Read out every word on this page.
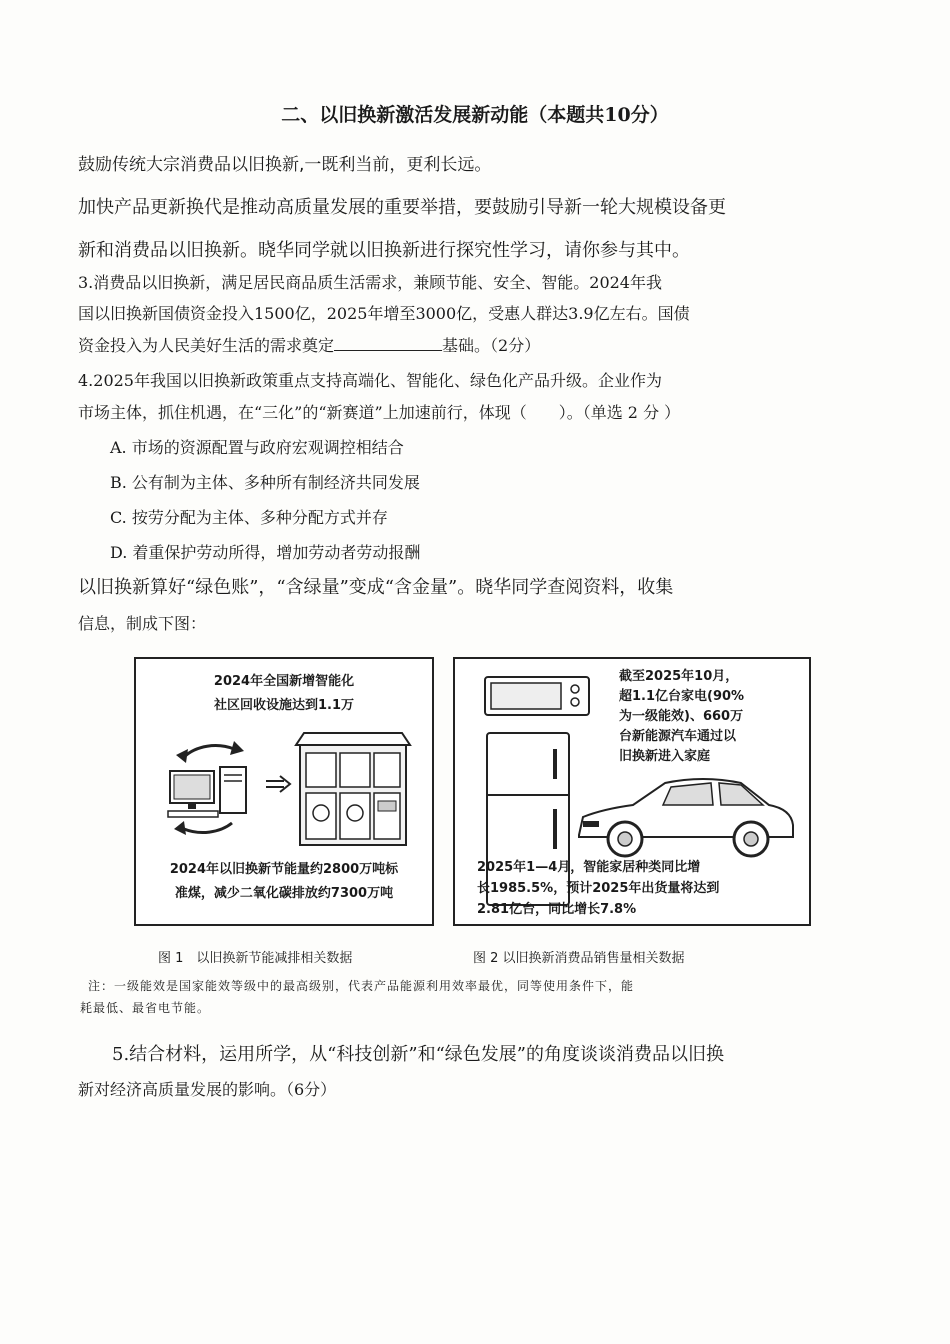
二、以旧换新激活发展新动能（本题共10分）
鼓励传统大宗消费品以旧换新,一既利当前，更利长远。
加快产品更新换代是推动高质量发展的重要举措，要鼓励引导新一轮大规模设备更
新和消费品以旧换新。晓华同学就以旧换新进行探究性学习，请你参与其中。
3.消费品以旧换新，满足居民商品质生活需求，兼顾节能、安全、智能。2024年我
国以旧换新国债资金投入1500亿，2025年增至3000亿，受惠人群达3.9亿左右。国债
资金投入为人民美好生活的需求奠定	基础。（2分）
4.2025年我国以旧换新政策重点支持高端化、智能化、绿色化产品升级。企业作为
市场主体，抓住机遇，在“三化”的“新赛道”上加速前行，体现（　　）。（单选 2 分 ）
A. 市场的资源配置与政府宏观调控相结合
B. 公有制为主体、多种所有制经济共同发展
C. 按劳分配为主体、多种分配方式并存
D. 着重保护劳动所得，增加劳动者劳动报酬
以旧换新算好“绿色账”，“含绿量”变成“含金量”。晓华同学查阅资料，收集
信息，制成下图：
2024年全国新增智能化
社区回收设施达到1.1万
2024年以旧换新节能量约2800万吨标
准煤，减少二氧化碳排放约7300万吨
截至2025年10月，
超1.1亿台家电(90%
为一级能效)、660万
台新能源汽车通过以
旧换新进入家庭
2025年1—4月，智能家居种类同比增
长1985.5%，预计2025年出货量将达到
2.81亿台，同比增长7.8%
图 1　以旧换新节能减排相关数据	图 2 以旧换新消费品销售量相关数据
注：一级能效是国家能效等级中的最高级别，代表产品能源利用效率最优，同等使用条件下，能
耗最低、最省电节能。
5.结合材料，运用所学，从“科技创新”和“绿色发展”的角度谈谈消费品以旧换
新对经济高质量发展的影响。（6分）
